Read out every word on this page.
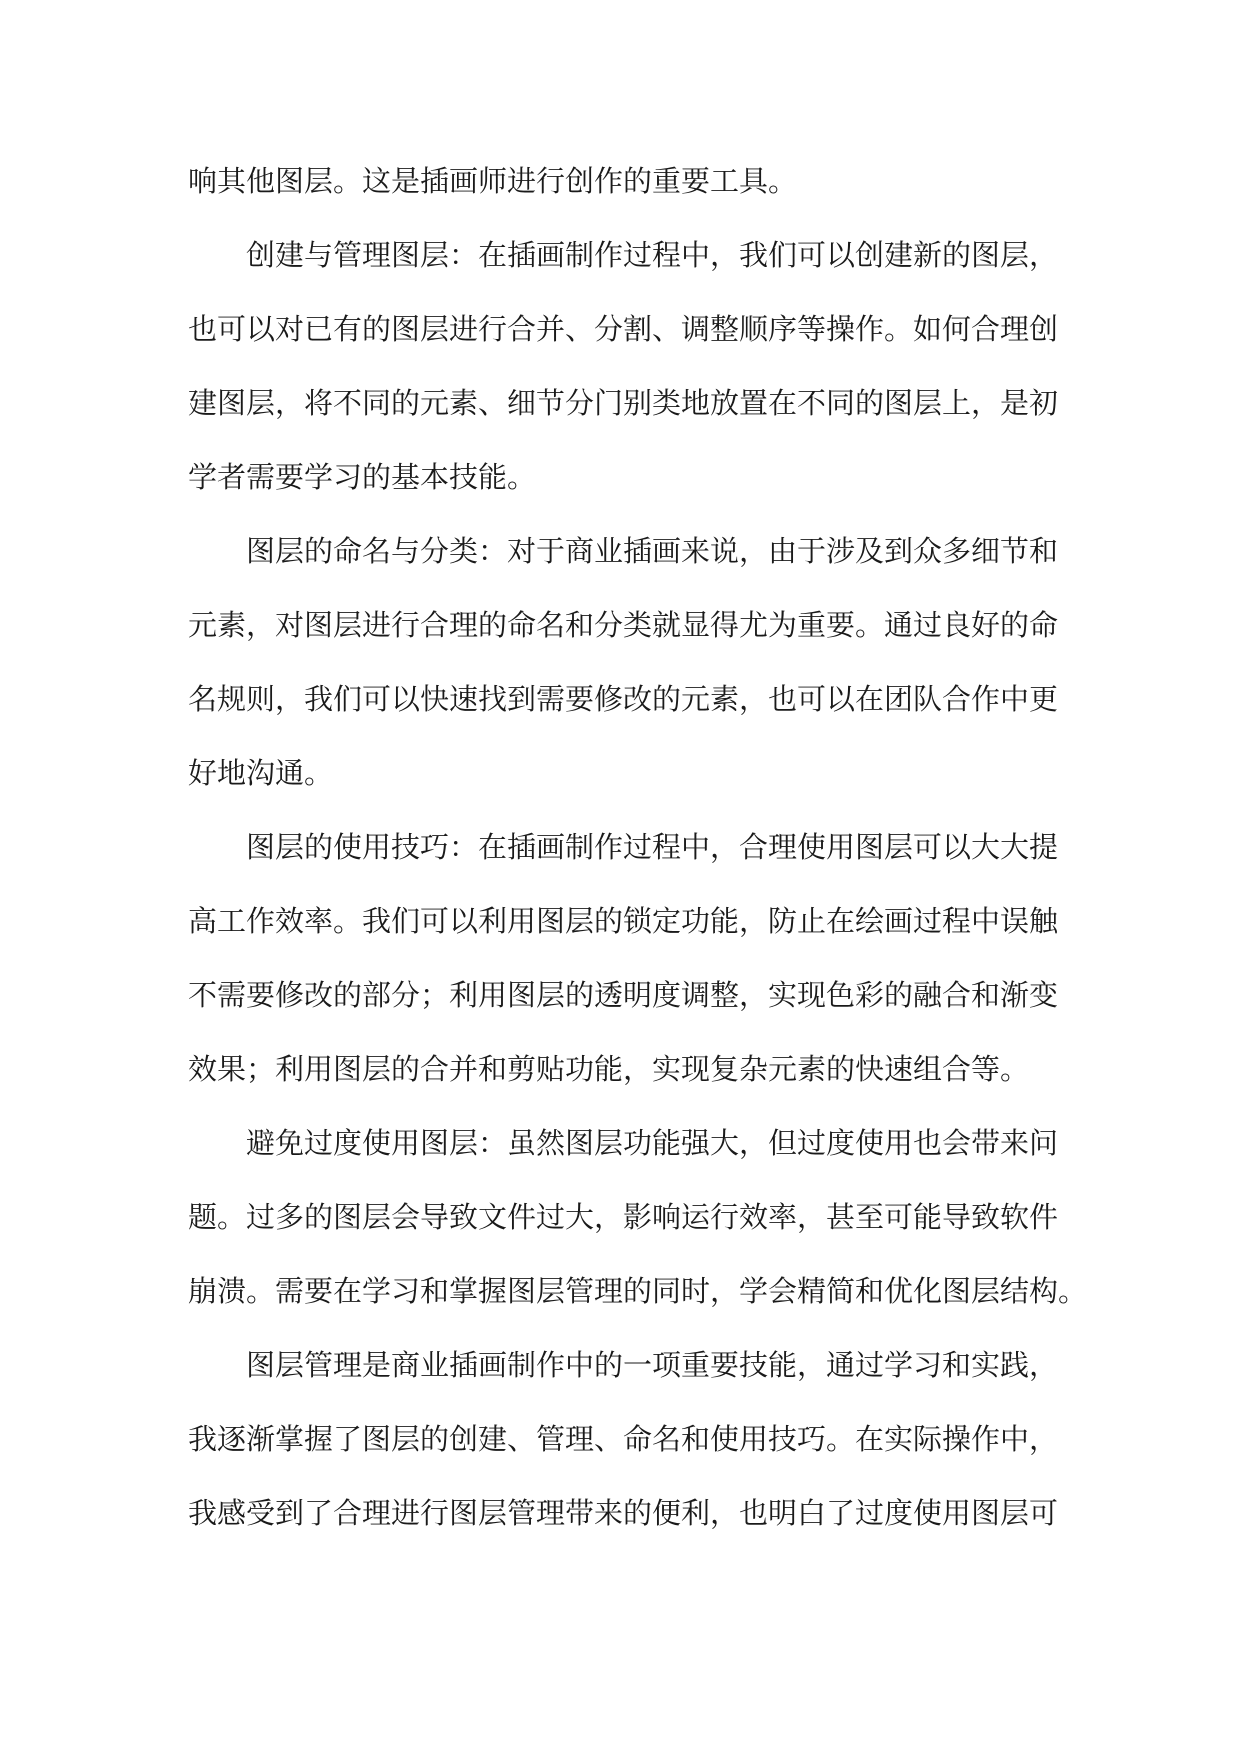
响其他图层。这是插画师进行创作的重要工具。
创建与管理图层：在插画制作过程中，我们可以创建新的图层，
也可以对已有的图层进行合并、分割、调整顺序等操作。如何合理创
建图层，将不同的元素、细节分门别类地放置在不同的图层上，是初
学者需要学习的基本技能。
图层的命名与分类：对于商业插画来说，由于涉及到众多细节和
元素，对图层进行合理的命名和分类就显得尤为重要。通过良好的命
名规则，我们可以快速找到需要修改的元素，也可以在团队合作中更
好地沟通。
图层的使用技巧：在插画制作过程中，合理使用图层可以大大提
高工作效率。我们可以利用图层的锁定功能，防止在绘画过程中误触
不需要修改的部分；利用图层的透明度调整，实现色彩的融合和渐变
效果；利用图层的合并和剪贴功能，实现复杂元素的快速组合等。
避免过度使用图层：虽然图层功能强大，但过度使用也会带来问
题。过多的图层会导致文件过大，影响运行效率，甚至可能导致软件
崩溃。需要在学习和掌握图层管理的同时，学会精简和优化图层结构。
图层管理是商业插画制作中的一项重要技能，通过学习和实践，
我逐渐掌握了图层的创建、管理、命名和使用技巧。在实际操作中，
我感受到了合理进行图层管理带来的便利，也明白了过度使用图层可
